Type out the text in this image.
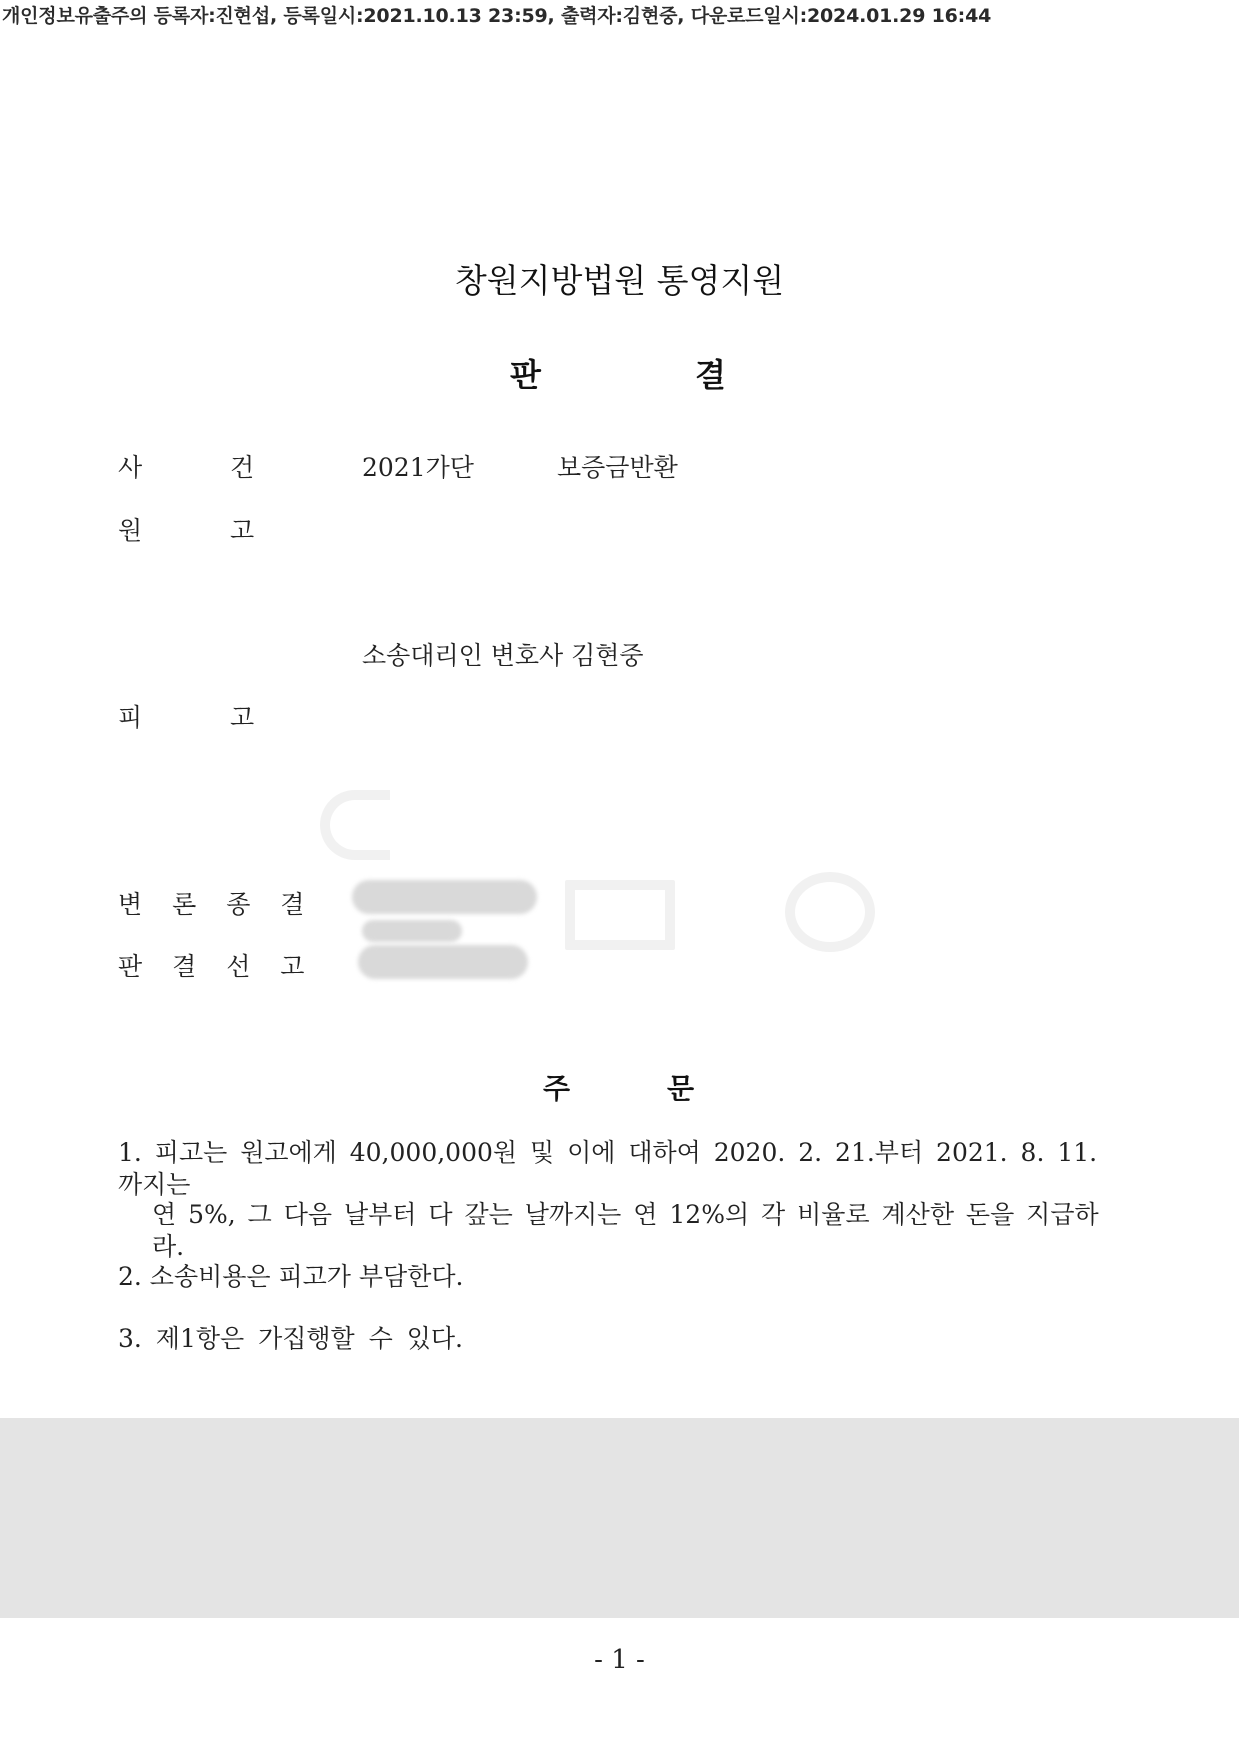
개인정보유출주의 등록자:진현섭, 등록일시:2021.10.13 23:59, 출력자:김현중, 다운로드일시:2024.01.29 16:44
창원지방법원 통영지원
판	결
사	건	2021가단	보증금반환
원	고
소송대리인 변호사 김현중
피	고
변 론 종 결
판 결 선 고
주	문
1. 피고는 원고에게 40,000,000원 및 이에 대하여 2020. 2. 21.부터 2021. 8. 11.까지는
연 5%, 그 다음 날부터 다 갚는 날까지는 연 12%의 각 비율로 계산한 돈을 지급하라.
2. 소송비용은 피고가 부담한다.
3. 제1항은 가집행할 수 있다.
- 1 -
